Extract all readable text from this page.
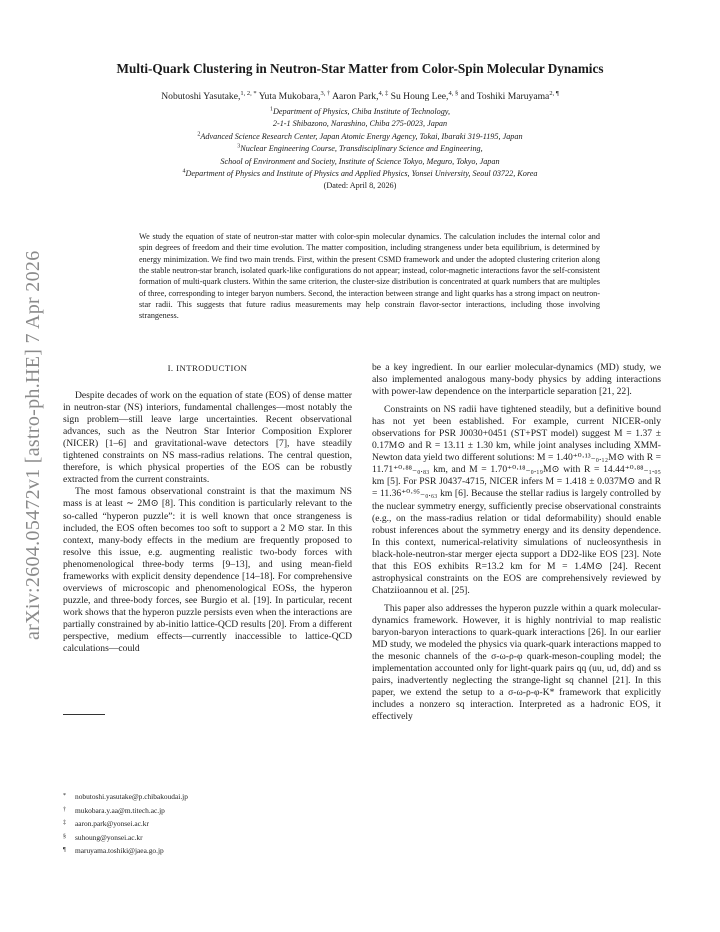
arXiv:2604.05472v1 [astro-ph.HE] 7 Apr 2026
Multi-Quark Clustering in Neutron-Star Matter from Color-Spin Molecular Dynamics
Nobutoshi Yasutake,$^{1, 2, *}$ Yuta Mukobara,$^{3, \dagger}$ Aaron Park,$^{4, \ddagger}$ Su Houng Lee,$^{4, \S}$ and Toshiki Maruyama$^{2, \P}$
$^1$Department of Physics, Chiba Institute of Technology,
2-1-1 Shibazono, Narashino, Chiba 275-0023, Japan
$^2$Advanced Science Research Center, Japan Atomic Energy Agency, Tokai, Ibaraki 319-1195, Japan
$^3$Nuclear Engineering Course, Transdisciplinary Science and Engineering,
School of Environment and Society, Institute of Science Tokyo, Meguro, Tokyo, Japan
$^4$Department of Physics and Institute of Physics and Applied Physics, Yonsei University, Seoul 03722, Korea
(Dated: April 8, 2026)
We study the equation of state of neutron-star matter with color-spin molecular dynamics. The calculation includes the internal color and spin degrees of freedom and their time evolution. The matter composition, including strangeness under beta equilibrium, is determined by energy minimization. We find two main trends. First, within the present CSMD framework and under the adopted clustering criterion along the stable neutron-star branch, isolated quark-like configurations do not appear; instead, color-magnetic interactions favor the self-consistent formation of multi-quark clusters. Within the same criterion, the cluster-size distribution is concentrated at quark numbers that are multiples of three, corresponding to integer baryon numbers. Second, the interaction between strange and light quarks has a strong impact on neutron-star radii. This suggests that future radius measurements may help constrain flavor-sector interactions, including those involving strangeness.
I. INTRODUCTION

Despite decades of work on the equation of state (EOS) of dense matter in neutron-star (NS) interiors, fundamental challenges—most notably the sign problem—still leave large uncertainties. Recent observational advances, such as the Neutron Star Interior Composition Explorer (NICER) [1–6] and gravitational-wave detectors [7], have steadily tightened constraints on NS mass-radius relations. The central question, therefore, is which physical properties of the EOS can be robustly extracted from the current constraints.

The most famous observational constraint is that the maximum NS mass is at least ∼ 2M⊙ [8]. This condition is particularly relevant to the so-called “hyperon puzzle”: it is well known that once strangeness is included, the EOS often becomes too soft to support a 2 M⊙ star. In this context, many-body effects in the medium are frequently proposed to resolve this issue, e.g. augmenting realistic two-body forces with phenomenological three-body terms [9–13], and using mean-field frameworks with explicit density dependence [14–18]. For comprehensive overviews of microscopic and phenomenological EOSs, the hyperon puzzle, and three-body forces, see Burgio et al. [19]. In particular, recent work shows that the hyperon puzzle persists even when the interactions are partially constrained by ab-initio lattice-QCD results [20]. From a different perspective, medium effects—currently inaccessible to lattice-QCD calculations—could

be a key ingredient. In our earlier molecular-dynamics (MD) study, we also implemented analogous many-body physics by adding interactions with power-law dependence on the interparticle separation [21, 22].

Constraints on NS radii have tightened steadily, but a definitive bound has not yet been established. For example, current NICER-only observations for PSR J0030+0451 (ST+PST model) suggest M = 1.37 ± 0.17M⊙ and R = 13.11 ± 1.30 km, while joint analyses including XMM-Newton data yield two different solutions: M = 1.40⁺⁰·¹³₋₀.₁₂M⊙ with R = 11.71⁺⁰·⁸⁸₋₀.₈₃ km, and M = 1.70⁺⁰·¹⁸₋₀.₁₉M⊙ with R = 14.44⁺⁰·⁸⁸₋₁.₀₅ km [5]. For PSR J0437-4715, NICER infers M = 1.418 ± 0.037M⊙ and R = 11.36⁺⁰·⁹⁵₋₀.₆₃ km [6]. Because the stellar radius is largely controlled by the nuclear symmetry energy, sufficiently precise observational constraints (e.g., on the mass-radius relation or tidal deformability) should enable robust inferences about the symmetry energy and its density dependence. In this context, numerical-relativity simulations of nucleosynthesis in black-hole-neutron-star merger ejecta support a DD2-like EOS [23]. Note that this EOS exhibits R=13.2 km for M = 1.4M⊙ [24]. Recent astrophysical constraints on the EOS are comprehensively reviewed by Chatziioannou et al. [25].

This paper also addresses the hyperon puzzle within a quark molecular-dynamics framework. However, it is highly nontrivial to map realistic baryon-baryon interactions to quark-quark interactions [26]. In our earlier MD study, we modeled the physics via quark-quark interactions mapped to the mesonic channels of the σ-ω-ρ-φ quark-meson-coupling model; the implementation accounted only for light-quark pairs qq (uu, ud, dd) and ss pairs, inadvertently neglecting the strange-light sq channel [21]. In this paper, we extend the setup to a σ-ω-ρ-φ-K* framework that explicitly includes a nonzero sq interaction. Interpreted as a hadronic EOS, it effectively

* nobutoshi.yasutake@p.chibakoudai.jp
† mukobara.y.aa@m.titech.ac.jp
‡ aaron.park@yonsei.ac.kr
§ suhoung@yonsei.ac.kr
¶ maruyama.toshiki@jaea.go.jp
